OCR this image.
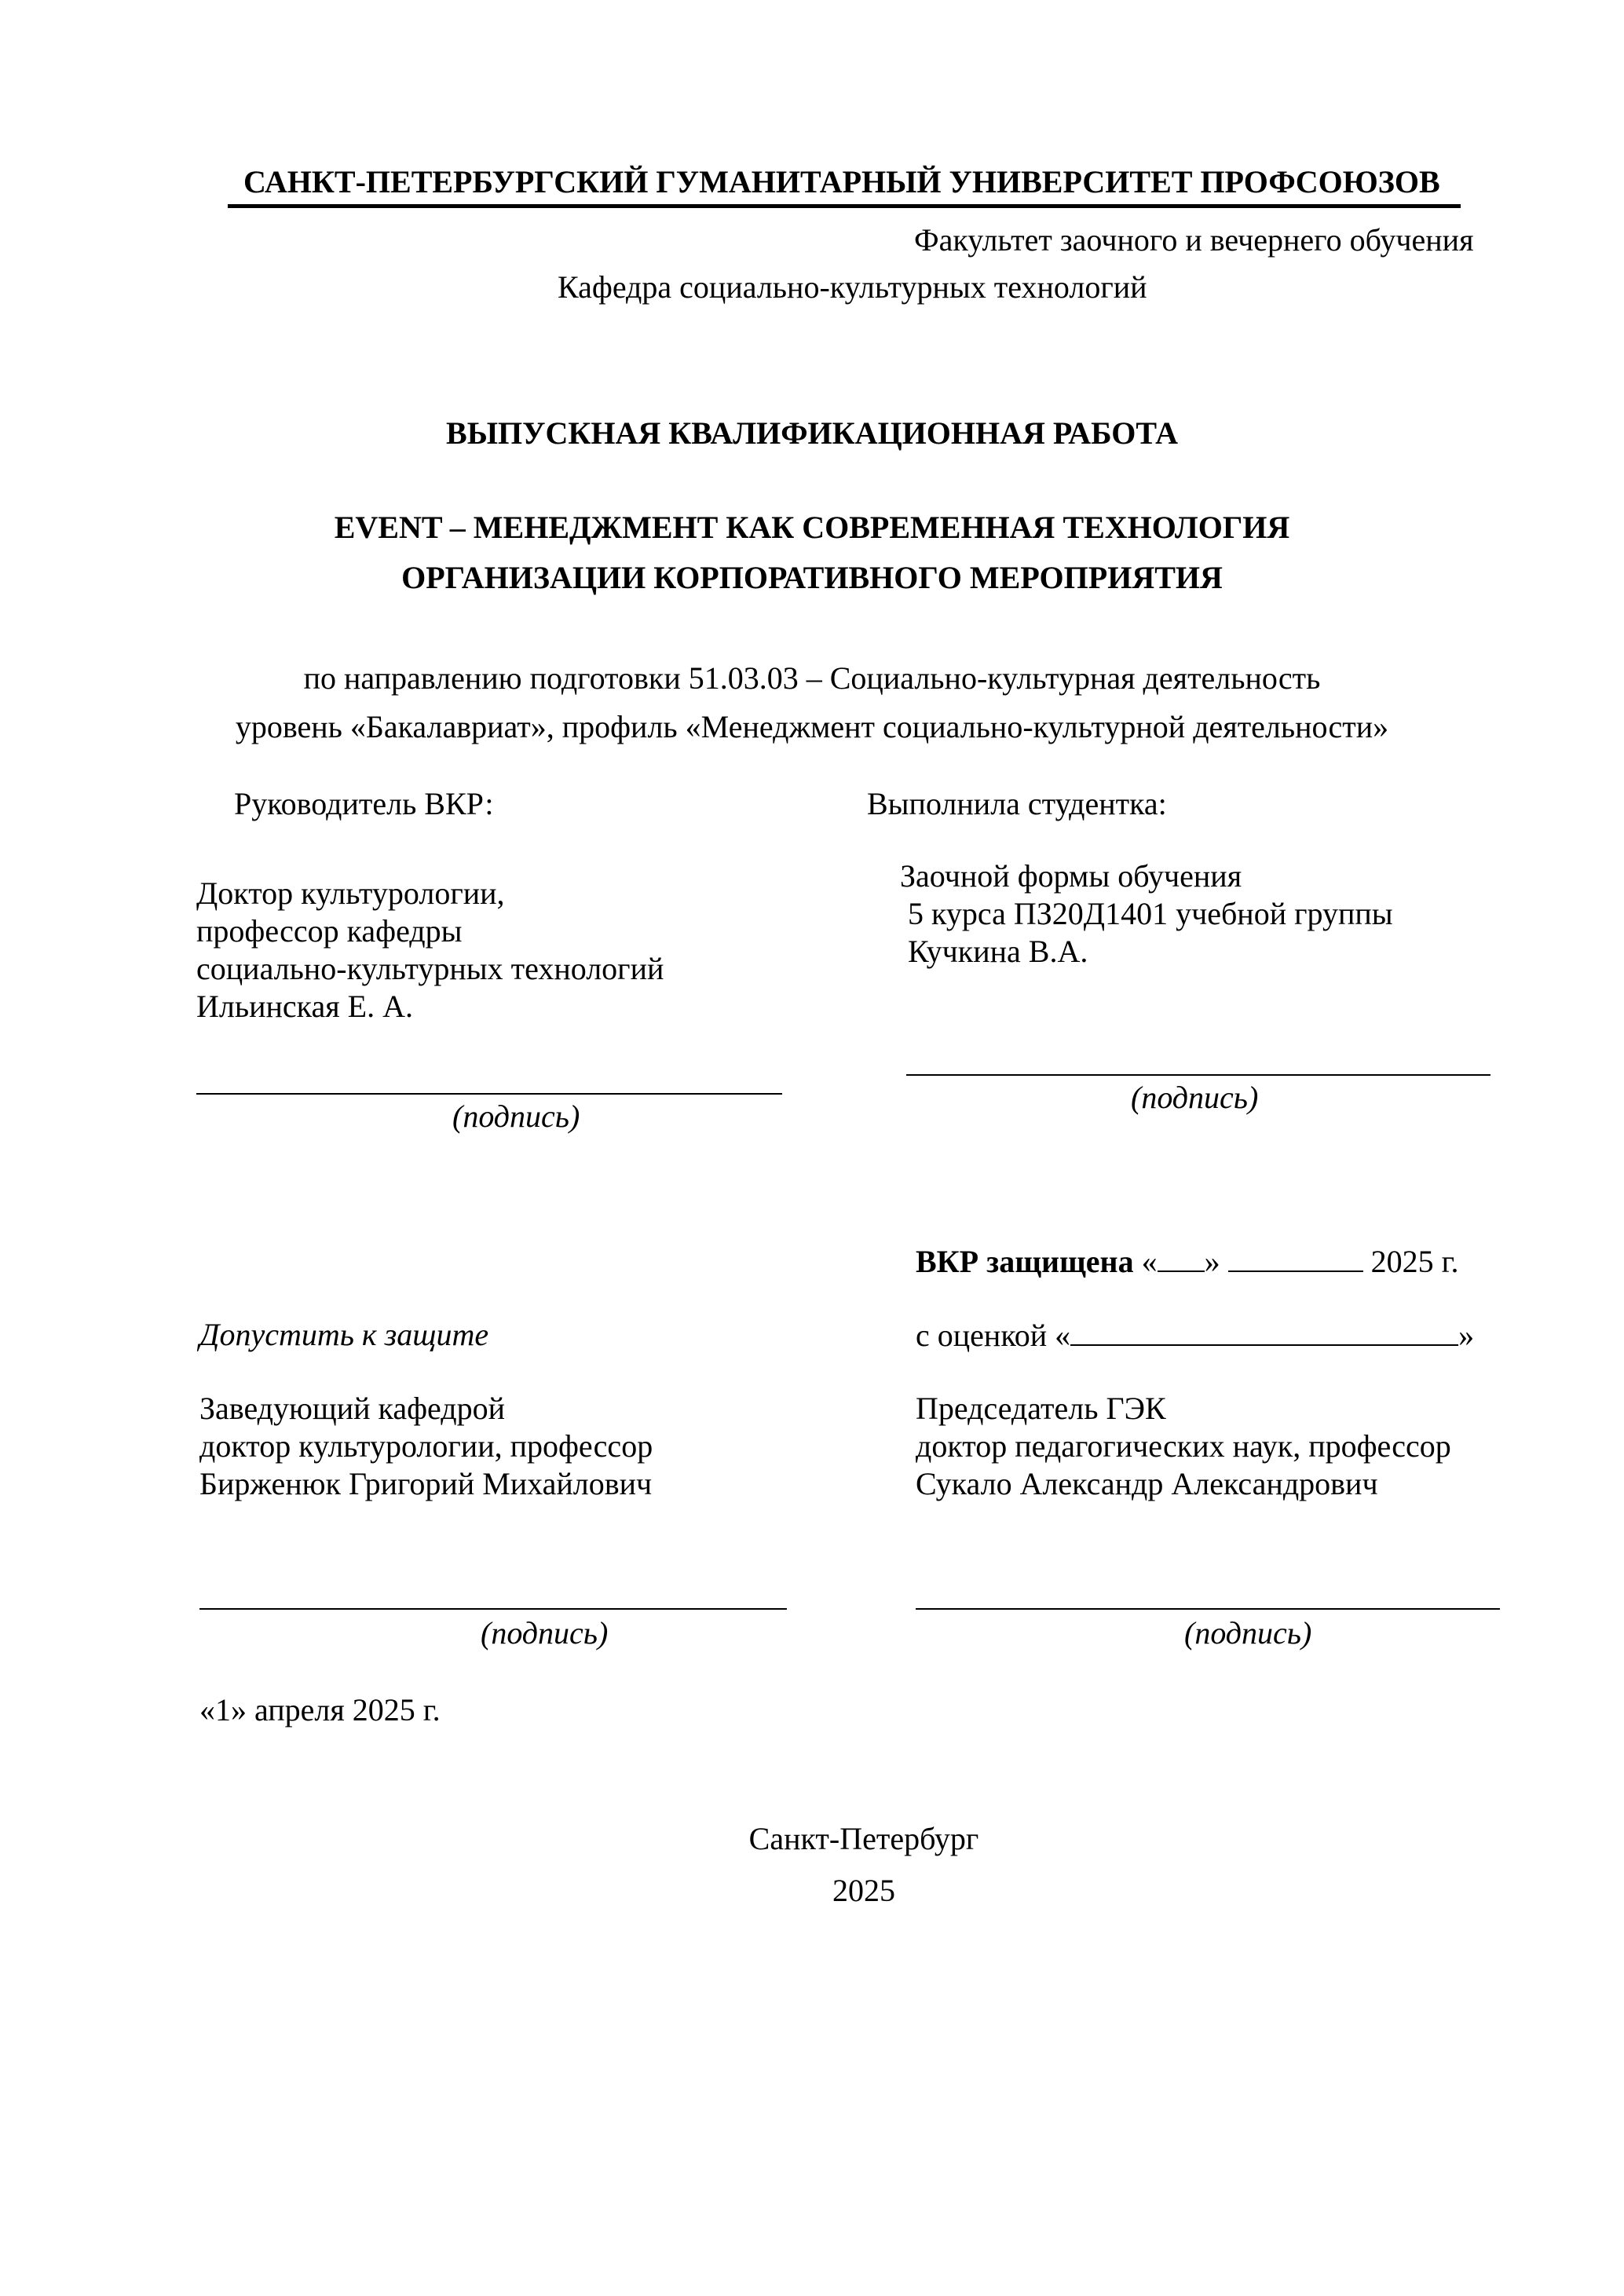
САНКТ-ПЕТЕРБУРГСКИЙ ГУМАНИТАРНЫЙ УНИВЕРСИТЕТ ПРОФСОЮЗОВ
Факультет заочного и вечернего обучения
Кафедра социально-культурных технологий
ВЫПУСКНАЯ КВАЛИФИКАЦИОННАЯ РАБОТА
EVENT – МЕНЕДЖМЕНТ КАК СОВРЕМЕННАЯ ТЕХНОЛОГИЯ
ОРГАНИЗАЦИИ КОРПОРАТИВНОГО МЕРОПРИЯТИЯ
по направлению подготовки 51.03.03 – Социально-культурная деятельность
уровень «Бакалавриат», профиль «Менеджмент социально-культурной деятельности»
Руководитель ВКР:
Доктор культурологии,
профессор кафедры
социально-культурных технологий
Ильинская Е. А.
(подпись)
Выполнила студентка:
Заочной формы обучения
5 курса ПЗ20Д1401 учебной группы
Кучкина В.А.
(подпись)
ВКР защищена « »	2025 г.
Допустить к защите	с оценкой «	»
Заведующий кафедрой
доктор культурологии, профессор
Бирженюк Григорий Михайлович
(подпись)
Председатель ГЭК
доктор педагогических наук, профессор
Сукало Александр Александрович
(подпись)
«1» апреля 2025 г.
Санкт-Петербург
2025
